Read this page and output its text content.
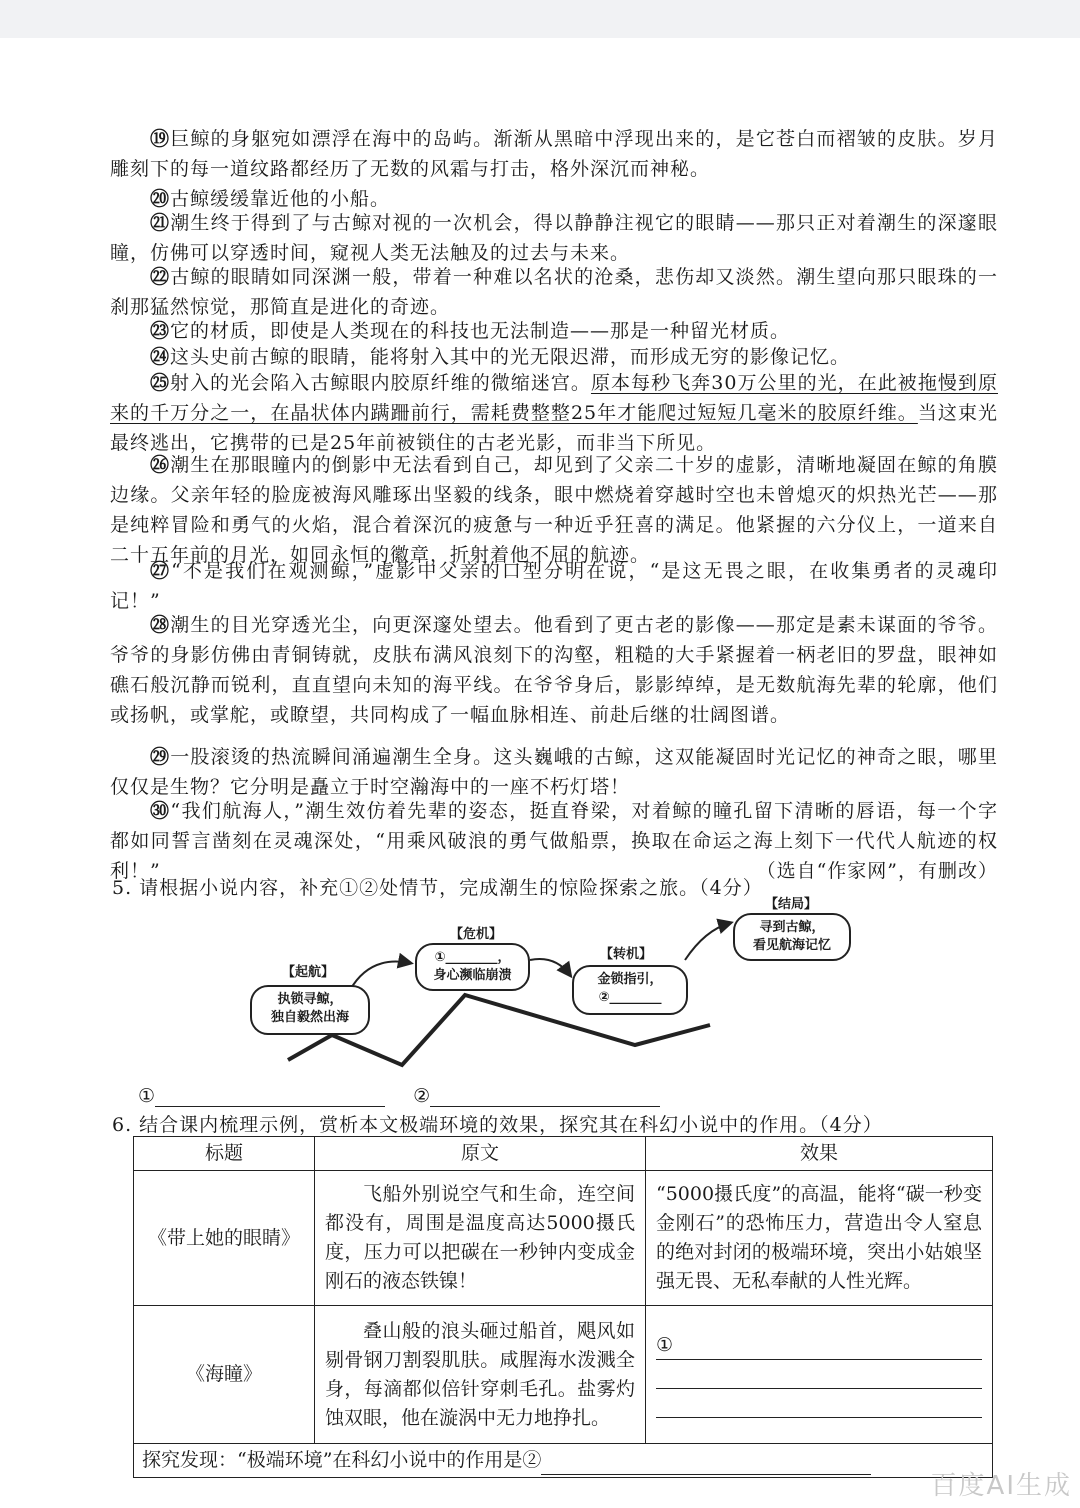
⑲巨鲸的身躯宛如漂浮在海中的岛屿。渐渐从黑暗中浮现出来的，是它苍白而褶皱的皮肤。岁月雕刻下的每一道纹路都经历了无数的风霜与打击，格外深沉而神秘。
⑳古鲸缓缓靠近他的小船。
㉑潮生终于得到了与古鲸对视的一次机会，得以静静注视它的眼睛——那只正对着潮生的深邃眼瞳，仿佛可以穿透时间，窥视人类无法触及的过去与未来。
㉒古鲸的眼睛如同深渊一般，带着一种难以名状的沧桑，悲伤却又淡然。潮生望向那只眼珠的一刹那猛然惊觉，那简直是进化的奇迹。
㉓它的材质，即使是人类现在的科技也无法制造——那是一种留光材质。
㉔这头史前古鲸的眼睛，能将射入其中的光无限迟滞，而形成无穷的影像记忆。
㉕射入的光会陷入古鲸眼内胶原纤维的微缩迷宫。原本每秒飞奔30万公里的光，在此被拖慢到原来的千万分之一，在晶状体内蹒跚前行，需耗费整整25年才能爬过短短几毫米的胶原纤维。当这束光最终逃出，它携带的已是25年前被锁住的古老光影，而非当下所见。
㉖潮生在那眼瞳内的倒影中无法看到自己，却见到了父亲二十岁的虚影，清晰地凝固在鲸的角膜边缘。父亲年轻的脸庞被海风雕琢出坚毅的线条，眼中燃烧着穿越时空也未曾熄灭的炽热光芒——那是纯粹冒险和勇气的火焰，混合着深沉的疲惫与一种近乎狂喜的满足。他紧握的六分仪上，一道来自二十五年前的月光，如同永恒的徽章，折射着他不屈的航迹。
㉗“不是我们在观测鲸，”虚影中父亲的口型分明在说，“是这无畏之眼，在收集勇者的灵魂印记！”
㉘潮生的目光穿透光尘，向更深邃处望去。他看到了更古老的影像——那定是素未谋面的爷爷。爷爷的身影仿佛由青铜铸就，皮肤布满风浪刻下的沟壑，粗糙的大手紧握着一柄老旧的罗盘，眼神如礁石般沉静而锐利，直直望向未知的海平线。在爷爷身后，影影绰绰，是无数航海先辈的轮廓，他们或扬帆，或掌舵，或瞭望，共同构成了一幅血脉相连、前赴后继的壮阔图谱。
㉙一股滚烫的热流瞬间涌遍潮生全身。这头巍峨的古鲸，这双能凝固时光记忆的神奇之眼，哪里仅仅是生物？它分明是矗立于时空瀚海中的一座不朽灯塔！
㉚“我们航海人，”潮生效仿着先辈的姿态，挺直脊梁，对着鲸的瞳孔留下清晰的唇语，每一个字都如同誓言凿刻在灵魂深处，“用乘风破浪的勇气做船票，换取在命运之海上刻下一代代人航迹的权利！”	（选自“作家网”，有删改）
5. 请根据小说内容，补充①②处情节，完成潮生的惊险探索之旅。（4分）
【起航】
执锁寻鲸，
独自毅然出海
【危机】
①________，
身心濒临崩溃
【转机】
金锁指引，
②________
【结局】
寻到古鲸，
看见航海记忆
①	②
6. 结合课内梳理示例，赏析本文极端环境的效果，探究其在科幻小说中的作用。（4分）
标题	原文	效果
《带上她的眼睛》	飞船外别说空气和生命，连空间都没有，周围是温度高达5000摄氏度，压力可以把碳在一秒钟内变成金刚石的液态铁镍！	“5000摄氏度”的高温，能将“碳一秒变金刚石”的恐怖压力，营造出令人窒息的绝对封闭的极端环境，突出小姑娘坚强无畏、无私奉献的人性光辉。
《海瞳》	叠山般的浪头砸过船首，飓风如剔骨钢刀割裂肌肤。咸腥海水泼溅全身，每滴都似倍针穿刺毛孔。盐雾灼蚀双眼，他在漩涡中无力地挣扎。	①

探究发现：“极端环境”在科幻小说中的作用是②		
百度AI生成
